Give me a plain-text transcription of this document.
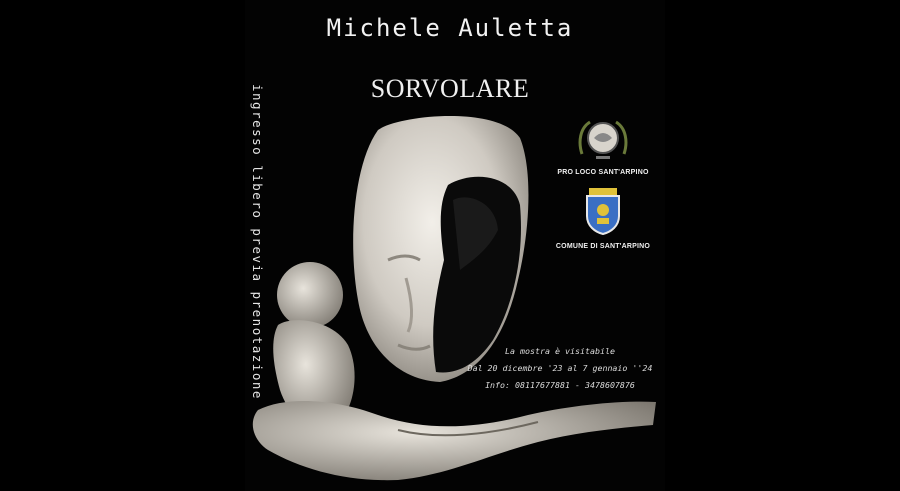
Michele Auletta
SORVOLARE
ingresso libero previa prenotazione	PRO LOCO SANT'ARPINO
COMUNE DI SANT'ARPINO
La mostra è visitabile
Dal 20 dicembre '23 al 7 gennaio ''24
Info: 08117677881 - 3478607876
